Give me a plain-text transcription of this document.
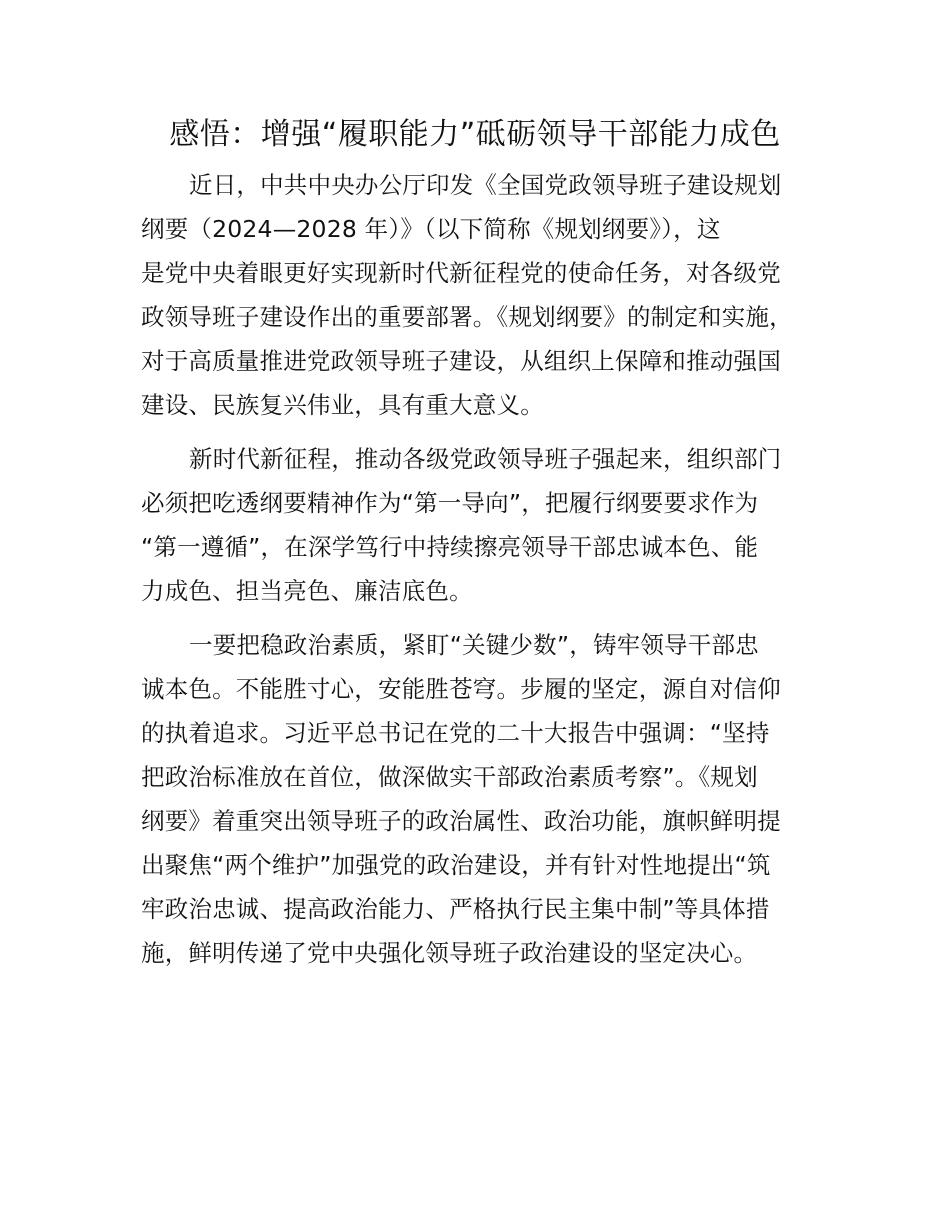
感悟：增强“履职能力”砥砺领导干部能力成色
近日，中共中央办公厅印发《全国党政领导班子建设规划
纲要（2024—2028 年）》（以下简称《规划纲要》），这
是党中央着眼更好实现新时代新征程党的使命任务，对各级党
政领导班子建设作出的重要部署。《规划纲要》的制定和实施，
对于高质量推进党政领导班子建设，从组织上保障和推动强国
建设、民族复兴伟业，具有重大意义。
新时代新征程，推动各级党政领导班子强起来，组织部门
必须把吃透纲要精神作为“第一导向”，把履行纲要要求作为
“第一遵循”，在深学笃行中持续擦亮领导干部忠诚本色、能
力成色、担当亮色、廉洁底色。
一要把稳政治素质，紧盯“关键少数”，铸牢领导干部忠
诚本色。不能胜寸心，安能胜苍穹。步履的坚定，源自对信仰
的执着追求。习近平总书记在党的二十大报告中强调：“坚持
把政治标准放在首位，做深做实干部政治素质考察”。《规划
纲要》着重突出领导班子的政治属性、政治功能，旗帜鲜明提
出聚焦“两个维护”加强党的政治建设，并有针对性地提出“筑
牢政治忠诚、提高政治能力、严格执行民主集中制”等具体措
施，鲜明传递了党中央强化领导班子政治建设的坚定决心。
